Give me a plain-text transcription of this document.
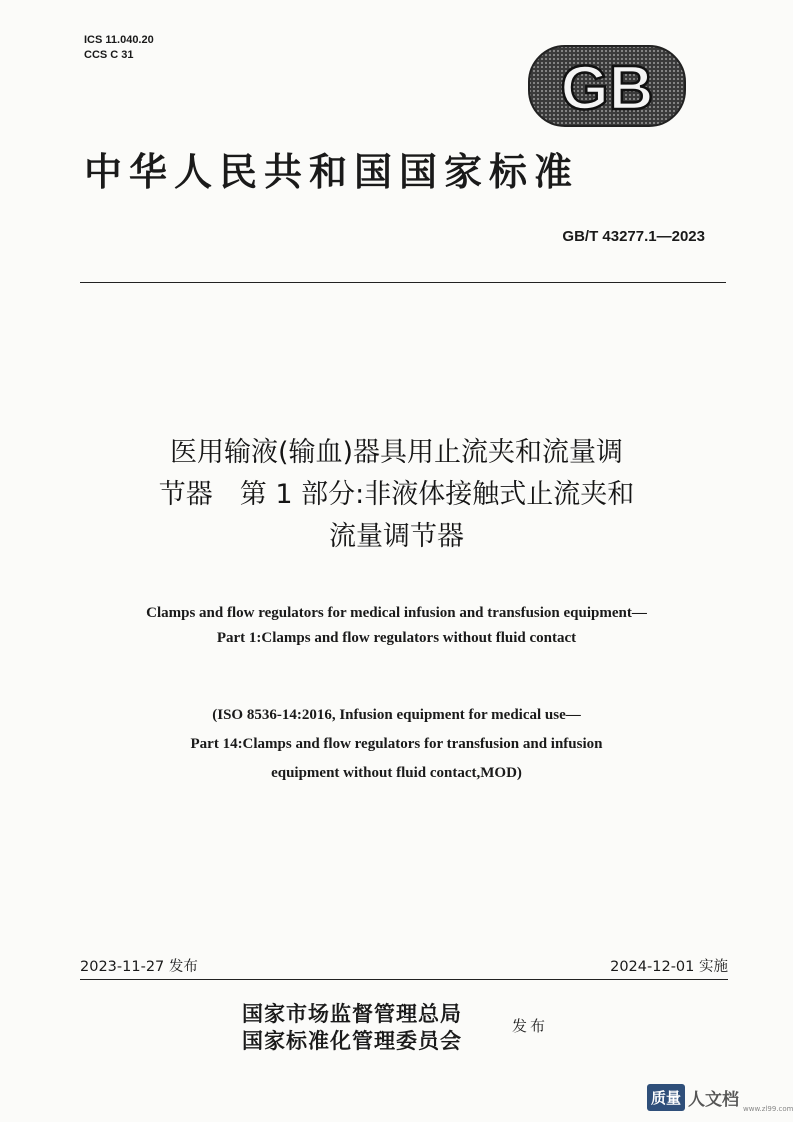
ICS 11.040.20
CCS C 31	GB
中华人民共和国国家标准
GB/T 43277.1—2023
医用输液(输血)器具用止流夹和流量调
节器　第 1 部分:非液体接触式止流夹和
流量调节器
Clamps and flow regulators for medical infusion and transfusion equipment—
Part 1:Clamps and flow regulators without fluid contact
(ISO 8536-14:2016, Infusion equipment for medical use—
Part 14:Clamps and flow regulators for transfusion and infusion
equipment without fluid contact,MOD)
2023-11-27 发布	2024-12-01 实施
国家市场监督管理总局
国家标准化管理委员会
发布
质量 人文档 www.zl99.com
